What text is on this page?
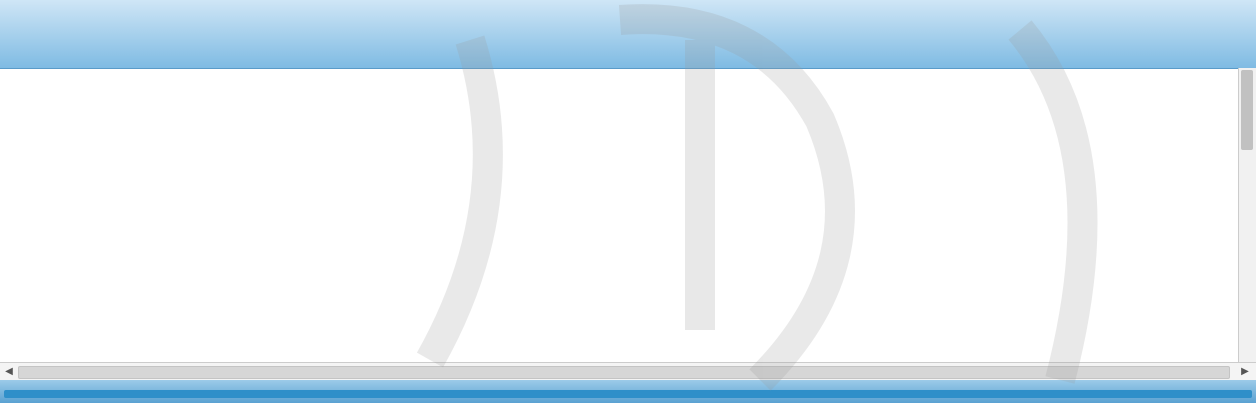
◀	▶
